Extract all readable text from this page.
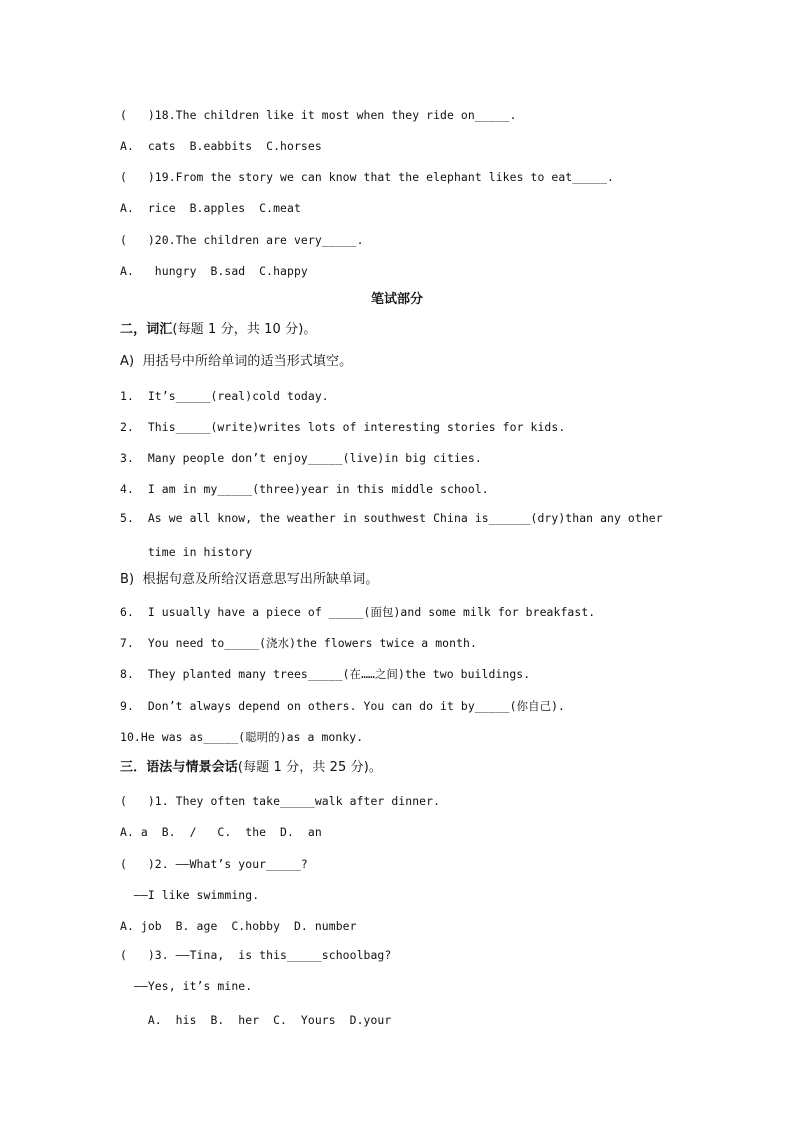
(   )18.The children like it most when they ride on_____.
A.  cats  B.eabbits  C.horses
(   )19.From the story we can know that the elephant likes to eat_____.
A.  rice  B.apples  C.meat
(   )20.The children are very_____.
A.   hungry  B.sad  C.happy
笔试部分
二，词汇(每题 1 分，共 10 分)。
A)  用括号中所给单词的适当形式填空。
1.  It’s_____(real)cold today.
2.  This_____(write)writes lots of interesting stories for kids.
3.  Many people don’t enjoy_____(live)in big cities.
4.  I am in my_____(three)year in this middle school.
5.  As we all know, the weather in southwest China is______(dry)than any other
time in history
B)  根据句意及所给汉语意思写出所缺单词。
6.  I usually have a piece of _____(面包)and some milk for breakfast.
7.  You need to_____(浇水)the flowers twice a month.
8.  They planted many trees_____(在……之间)the two buildings.
9.  Don’t always depend on others. You can do it by_____(你自己).
10.He was as_____(聪明的)as a monky.
三．语法与情景会话(每题 1 分，共 25 分)。
(   )1. They often take_____walk after dinner.
A. a  B.  /   C.  the  D.  an
(   )2. ——What’s your_____?
——I like swimming.
A. job  B. age  C.hobby  D. number
(   )3. ——Tina,  is this_____schoolbag?
——Yes, it’s mine.
A.  his  B.  her  C.  Yours  D.your
